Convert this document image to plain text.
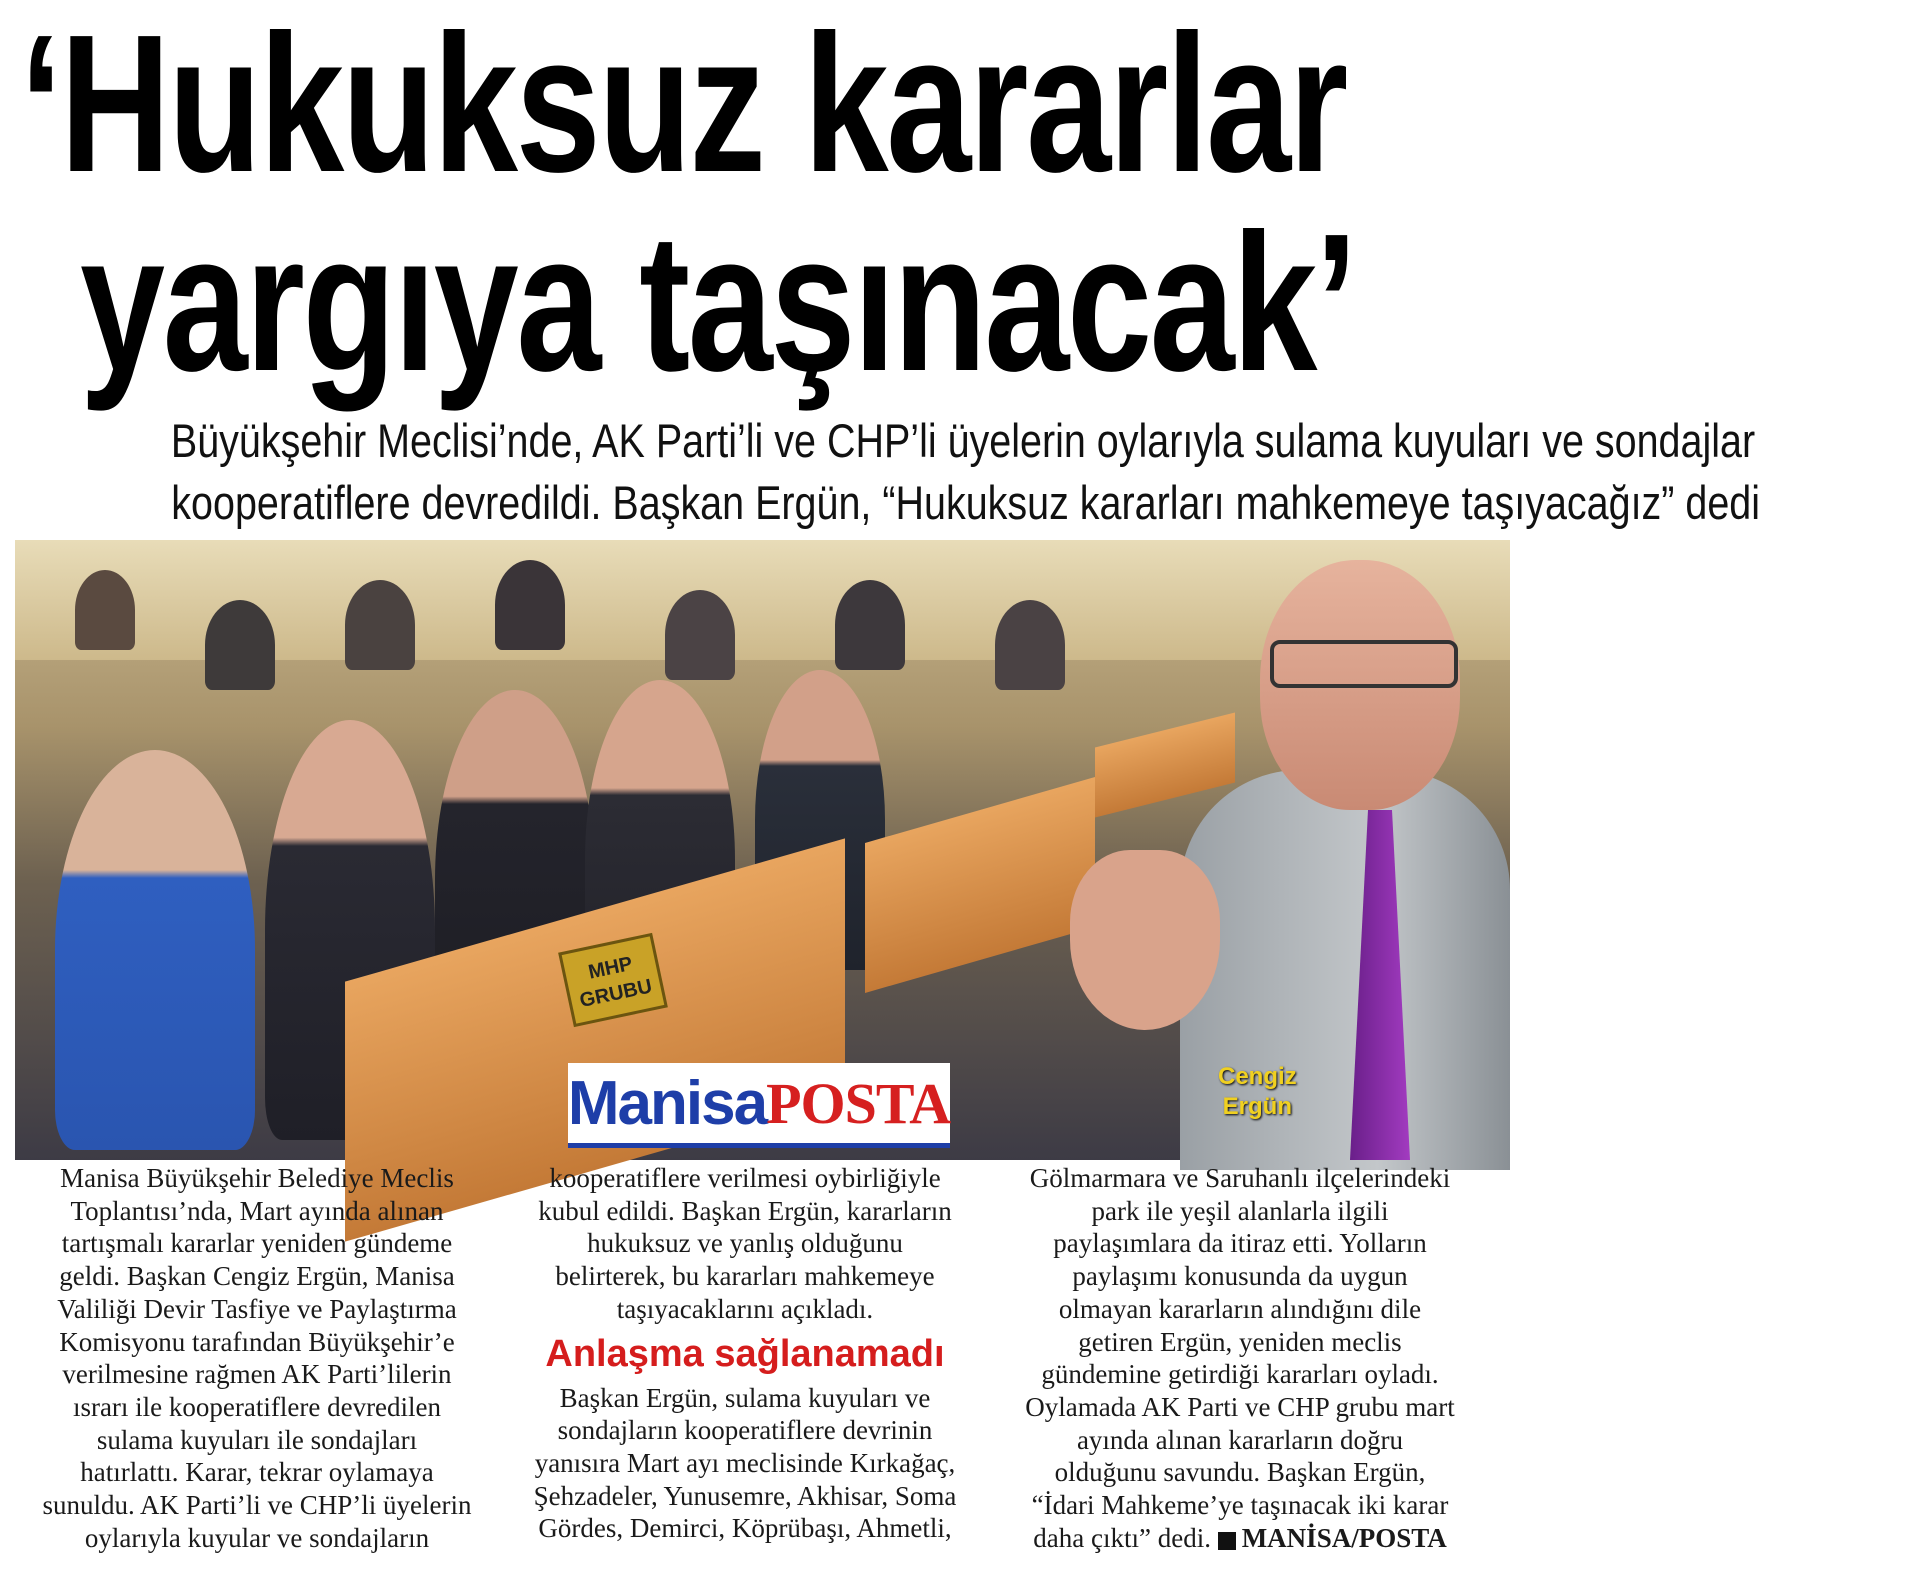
‘Hukuksuz kararlar
yargıya taşınacak’
Büyükşehir Meclisi’nde, AK Parti’li ve CHP’li üyelerin oylarıyla sulama kuyuları ve sondajlar
kooperatiflere devredildi. Başkan Ergün, “Hukuksuz kararları mahkemeye taşıyacağız” dedi
MHP
GRUBU
Cengiz
Ergün
Manisa POSTA

Manisa Büyükşehir Belediye Meclis

Toplantısı’nda, Mart ayında alınan

tartışmalı kararlar yeniden gündeme

geldi. Başkan Cengiz Ergün, Manisa

Valiliği Devir Tasfiye ve Paylaştırma

Komisyonu tarafından Büyükşehir’e

verilmesine rağmen AK Parti’lilerin

ısrarı ile kooperatiflere devredilen

sulama kuyuları ile sondajları

hatırlattı. Karar, tekrar oylamaya

sunuldu. AK Parti’li ve CHP’li üyelerin

oylarıyla kuyular ve sondajların

kooperatiflere verilmesi oybirliğiyle

kubul edildi. Başkan Ergün, kararların

hukuksuz ve yanlış olduğunu

belirterek, bu kararları mahkemeye

taşıyacaklarını açıkladı.

Anlaşma sağlanamadı

Başkan Ergün, sulama kuyuları ve

sondajların kooperatiflere devrinin

yanısıra Mart ayı meclisinde Kırkağaç,

Şehzadeler, Yunusemre, Akhisar, Soma

Gördes, Demirci, Köprübaşı, Ahmetli,

Gölmarmara ve Saruhanlı ilçelerindeki

park ile yeşil alanlarla ilgili

paylaşımlara da itiraz etti. Yolların

paylaşımı konusunda da uygun

olmayan kararların alındığını dile

getiren Ergün, yeniden meclis

gündemine getirdiği kararları oyladı.

Oylamada AK Parti ve CHP grubu mart

ayında alınan kararların doğru

olduğunu savundu. Başkan Ergün,

“İdari Mahkeme’ye taşınacak iki karar

daha çıktı” dedi. MANİSA/POSTA
